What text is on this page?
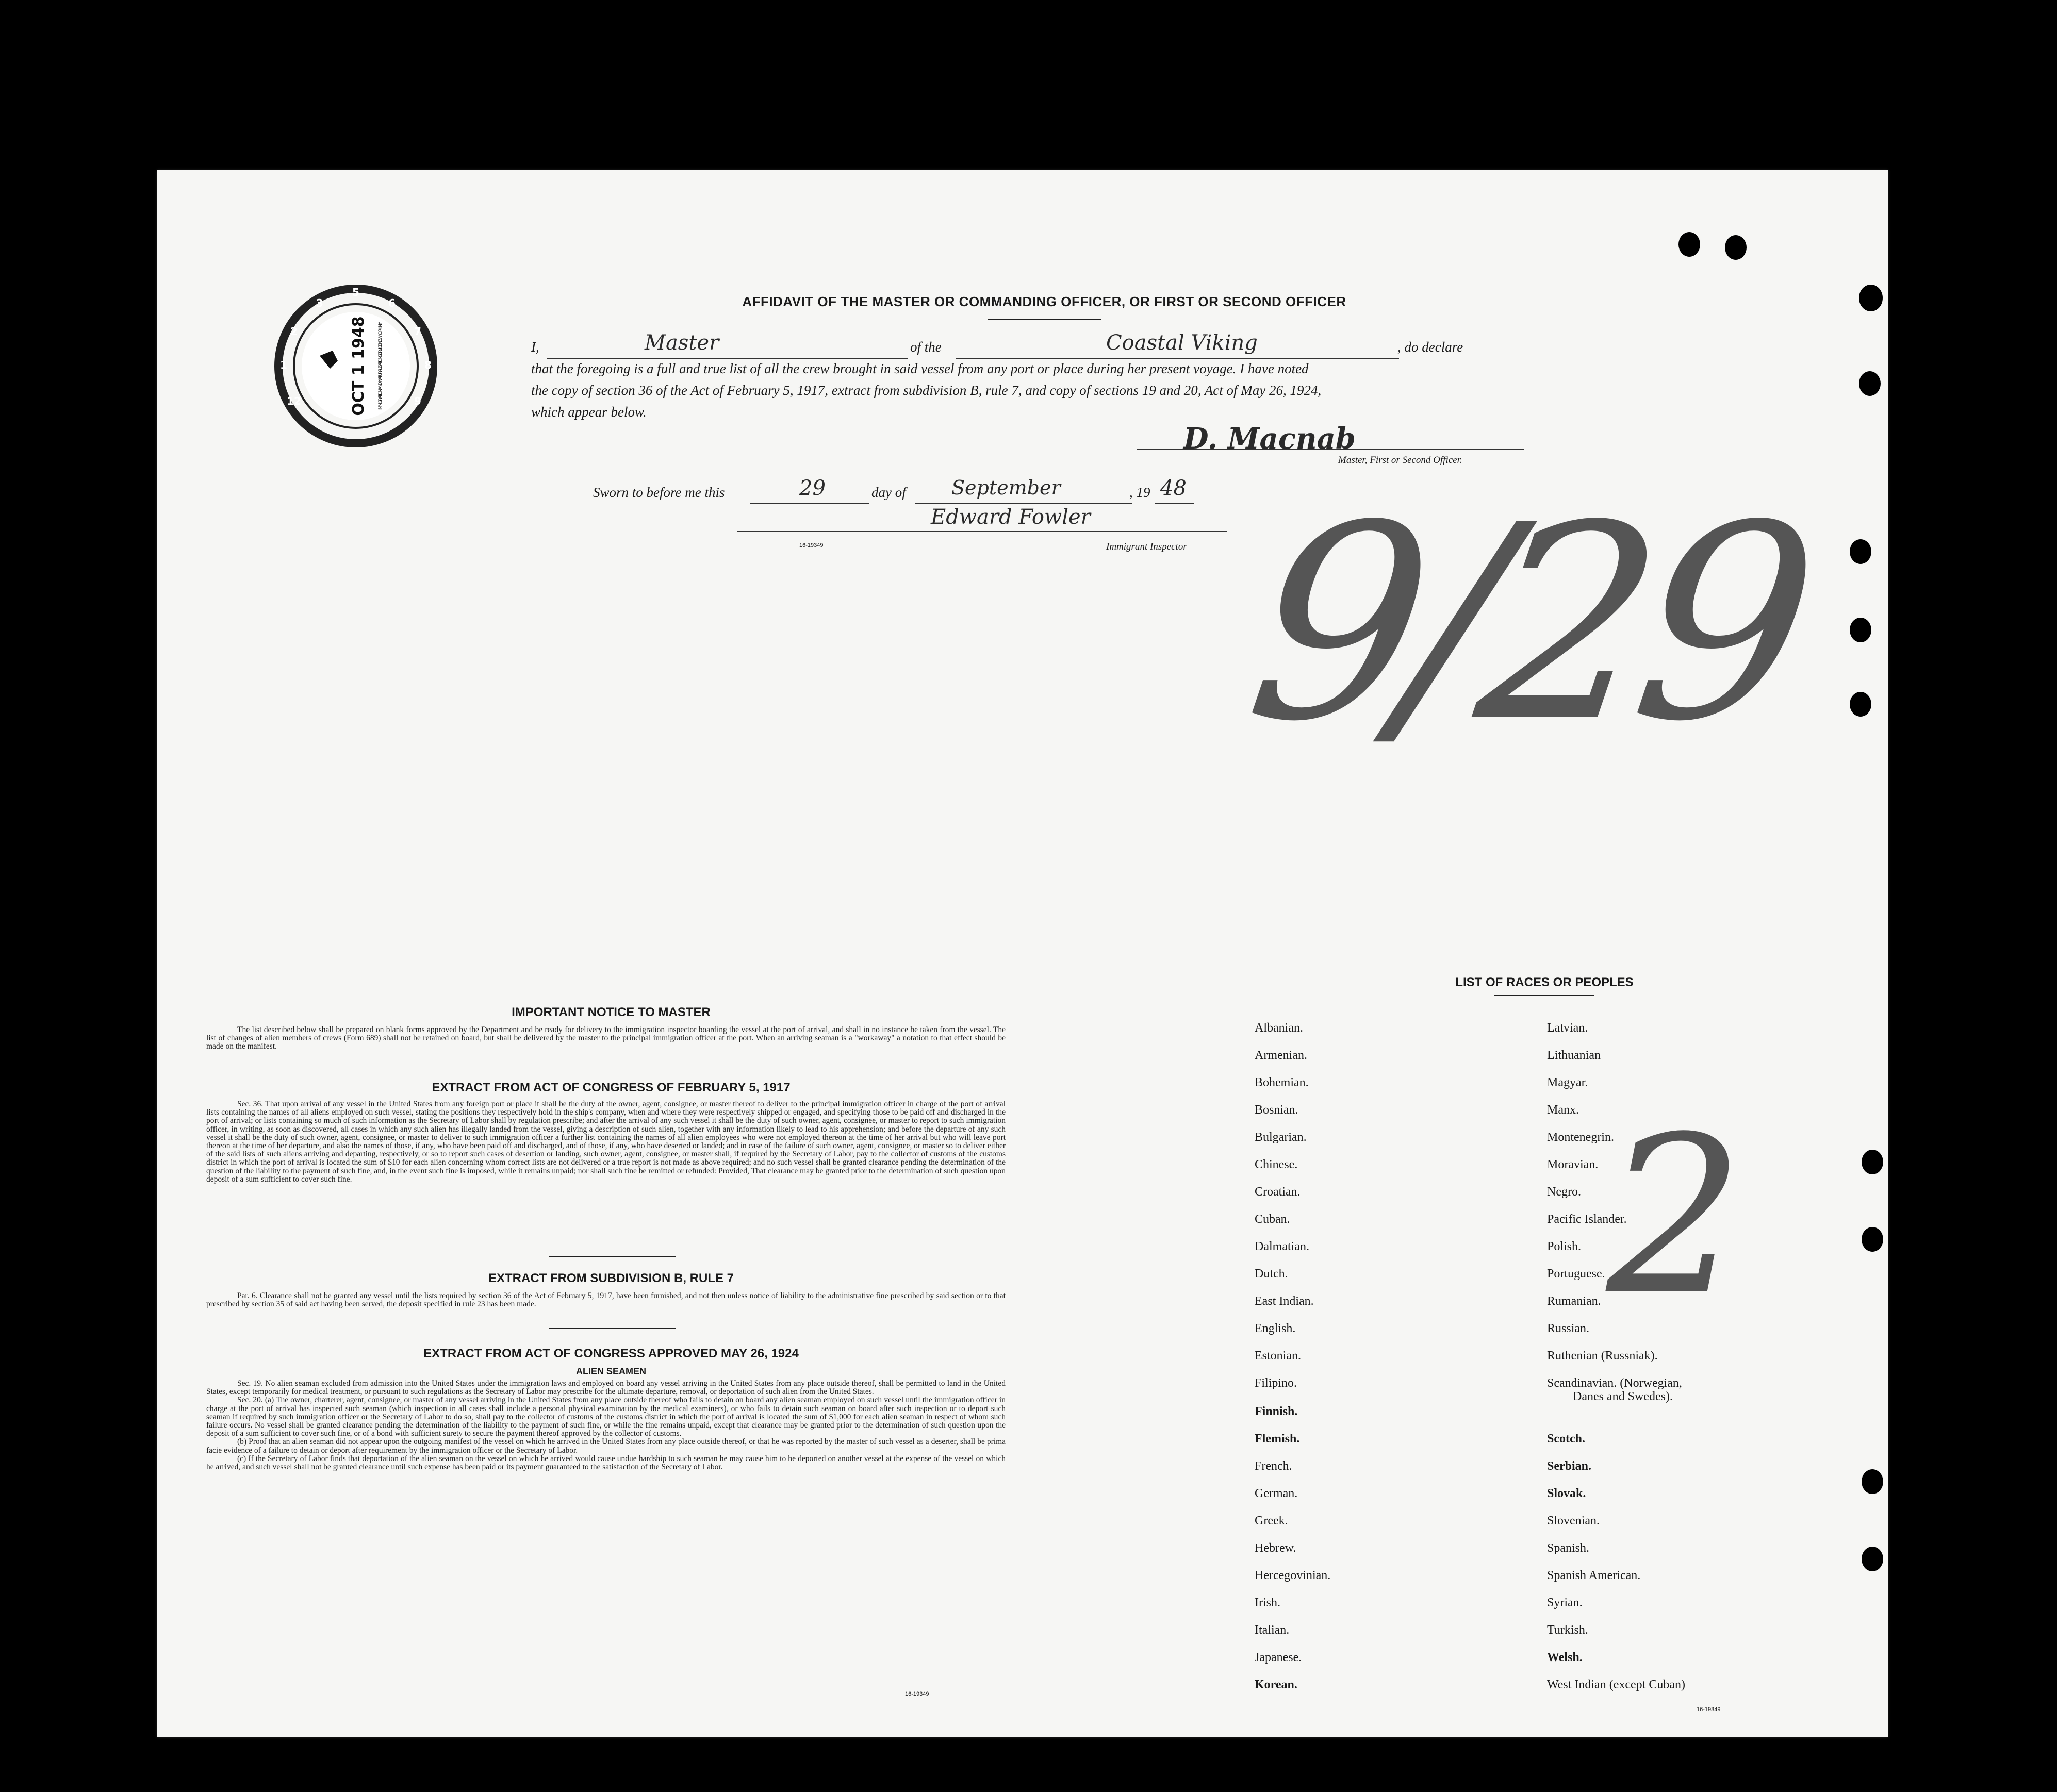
5
6
7
8
9
12
1
2
3
OCT 1 1948 IMMIGRATION AND NATURALIZATION SERVICE NEW YORK N.Y.
AFFIDAVIT OF THE MASTER OR COMMANDING OFFICER, OR FIRST OR SECOND OFFICER
I,	Master	of the	Coastal Viking	, do declare
that the foregoing is a full and true list of all the crew brought in said vessel from any port or place during her present voyage. I have noted
the copy of section 36 of the Act of February 5, 1917, extract from subdivision B, rule 7, and copy of sections 19 and 20, Act of May 26, 1924,
which appear below.
D. Macnab
Master, First or Second Officer.
Sworn to before me this	29	day of September	, 19 48
Edward Fowler
16-19349	Immigrant Inspector 9/29
2
IMPORTANT NOTICE TO MASTER
The list described below shall be prepared on blank forms approved by the Department and be ready for delivery to the immigration inspector boarding the vessel at the port of arrival, and shall in no instance be taken from the vessel. The list of changes of alien members of crews (Form 689) shall not be retained on board, but shall be delivered by the master to the principal immigration officer at the port. When an arriving seaman is a "workaway" a notation to that effect should be made on the manifest.
EXTRACT FROM ACT OF CONGRESS OF FEBRUARY 5, 1917
Sec. 36. That upon arrival of any vessel in the United States from any foreign port or place it shall be the duty of the owner, agent, consignee, or master thereof to deliver to the principal immigration officer in charge of the port of arrival lists containing the names of all aliens employed on such vessel, stating the positions they respectively hold in the ship's company, when and where they were respectively shipped or engaged, and specifying those to be paid off and discharged in the port of arrival; or lists containing so much of such information as the Secretary of Labor shall by regulation prescribe; and after the arrival of any such vessel it shall be the duty of such owner, agent, consignee, or master to report to such immigration officer, in writing, as soon as discovered, all cases in which any such alien has illegally landed from the vessel, giving a description of such alien, together with any information likely to lead to his apprehension; and before the departure of any such vessel it shall be the duty of such owner, agent, consignee, or master to deliver to such immigration officer a further list containing the names of all alien employees who were not employed thereon at the time of her arrival but who will leave port thereon at the time of her departure, and also the names of those, if any, who have been paid off and discharged, and of those, if any, who have deserted or landed; and in case of the failure of such owner, agent, consignee, or master so to deliver either of the said lists of such aliens arriving and departing, respectively, or so to report such cases of desertion or landing, such owner, agent, consignee, or master shall, if required by the Secretary of Labor, pay to the collector of customs of the customs district in which the port of arrival is located the sum of $10 for each alien concerning whom correct lists are not delivered or a true report is not made as above required; and no such vessel shall be granted clearance pending the determination of the question of the liability to the payment of such fine, and, in the event such fine is imposed, while it remains unpaid; nor shall such fine be remitted or refunded: Provided, That clearance may be granted prior to the determination of such question upon deposit of a sum sufficient to cover such fine.
EXTRACT FROM SUBDIVISION B, RULE 7
Par. 6. Clearance shall not be granted any vessel until the lists required by section 36 of the Act of February 5, 1917, have been furnished, and not then unless notice of liability to the administrative fine prescribed by said section or to that prescribed by section 35 of said act having been served, the deposit specified in rule 23 has been made.
EXTRACT FROM ACT OF CONGRESS APPROVED MAY 26, 1924
ALIEN SEAMEN

Sec. 19. No alien seaman excluded from admission into the United States under the immigration laws and employed on board any vessel arriving in the United States from any place outside thereof, shall be permitted to land in the United States, except temporarily for medical treatment, or pursuant to such regulations as the Secretary of Labor may prescribe for the ultimate departure, removal, or deportation of such alien from the United States.

Sec. 20. (a) The owner, charterer, agent, consignee, or master of any vessel arriving in the United States from any place outside thereof who fails to detain on board any alien seaman employed on such vessel until the immigration officer in charge at the port of arrival has inspected such seaman (which inspection in all cases shall include a personal physical examination by the medical examiners), or who fails to detain such seaman on board after such inspection or to deport such seaman if required by such immigration officer or the Secretary of Labor to do so, shall pay to the collector of customs of the customs district in which the port of arrival is located the sum of $1,000 for each alien seaman in respect of whom such failure occurs. No vessel shall be granted clearance pending the determination of the liability to the payment of such fine, or while the fine remains unpaid, except that clearance may be granted prior to the determination of such question upon the deposit of a sum sufficient to cover such fine, or of a bond with sufficient surety to secure the payment thereof approved by the collector of customs.

(b) Proof that an alien seaman did not appear upon the outgoing manifest of the vessel on which he arrived in the United States from any place outside thereof, or that he was reported by the master of such vessel as a deserter, shall be prima facie evidence of a failure to detain or deport after requirement by the immigration officer or the Secretary of Labor.

(c) If the Secretary of Labor finds that deportation of the alien seaman on the vessel on which he arrived would cause undue hardship to such seaman he may cause him to be deported on another vessel at the expense of the vessel on which he arrived, and such vessel shall not be granted clearance until such expense has been paid or its payment guaranteed to the satisfaction of the Secretary of Labor.

16-19349
LIST OF RACES OR PEOPLES
Albanian.
Armenian.
Bohemian.
Bosnian.
Bulgarian.
Chinese.
Croatian.
Cuban.
Dalmatian.
Dutch.
East Indian.
English.
Estonian.
Filipino.
Finnish.
Flemish.
French.
German.
Greek.
Hebrew.
Hercegovinian.
Irish.
Italian.
Japanese.
Korean.
Latvian.
Lithuanian
Magyar.
Manx.
Montenegrin.
Moravian.
Negro.
Pacific Islander.
Polish.
Portuguese.
Rumanian.
Russian.
Ruthenian (Russniak).
Scandinavian. (Norwegian,
Danes and Swedes).
Scotch.
Serbian.
Slovak.
Slovenian.
Spanish.
Spanish American.
Syrian.
Turkish.
Welsh.
West Indian (except Cuban)
16-19349
